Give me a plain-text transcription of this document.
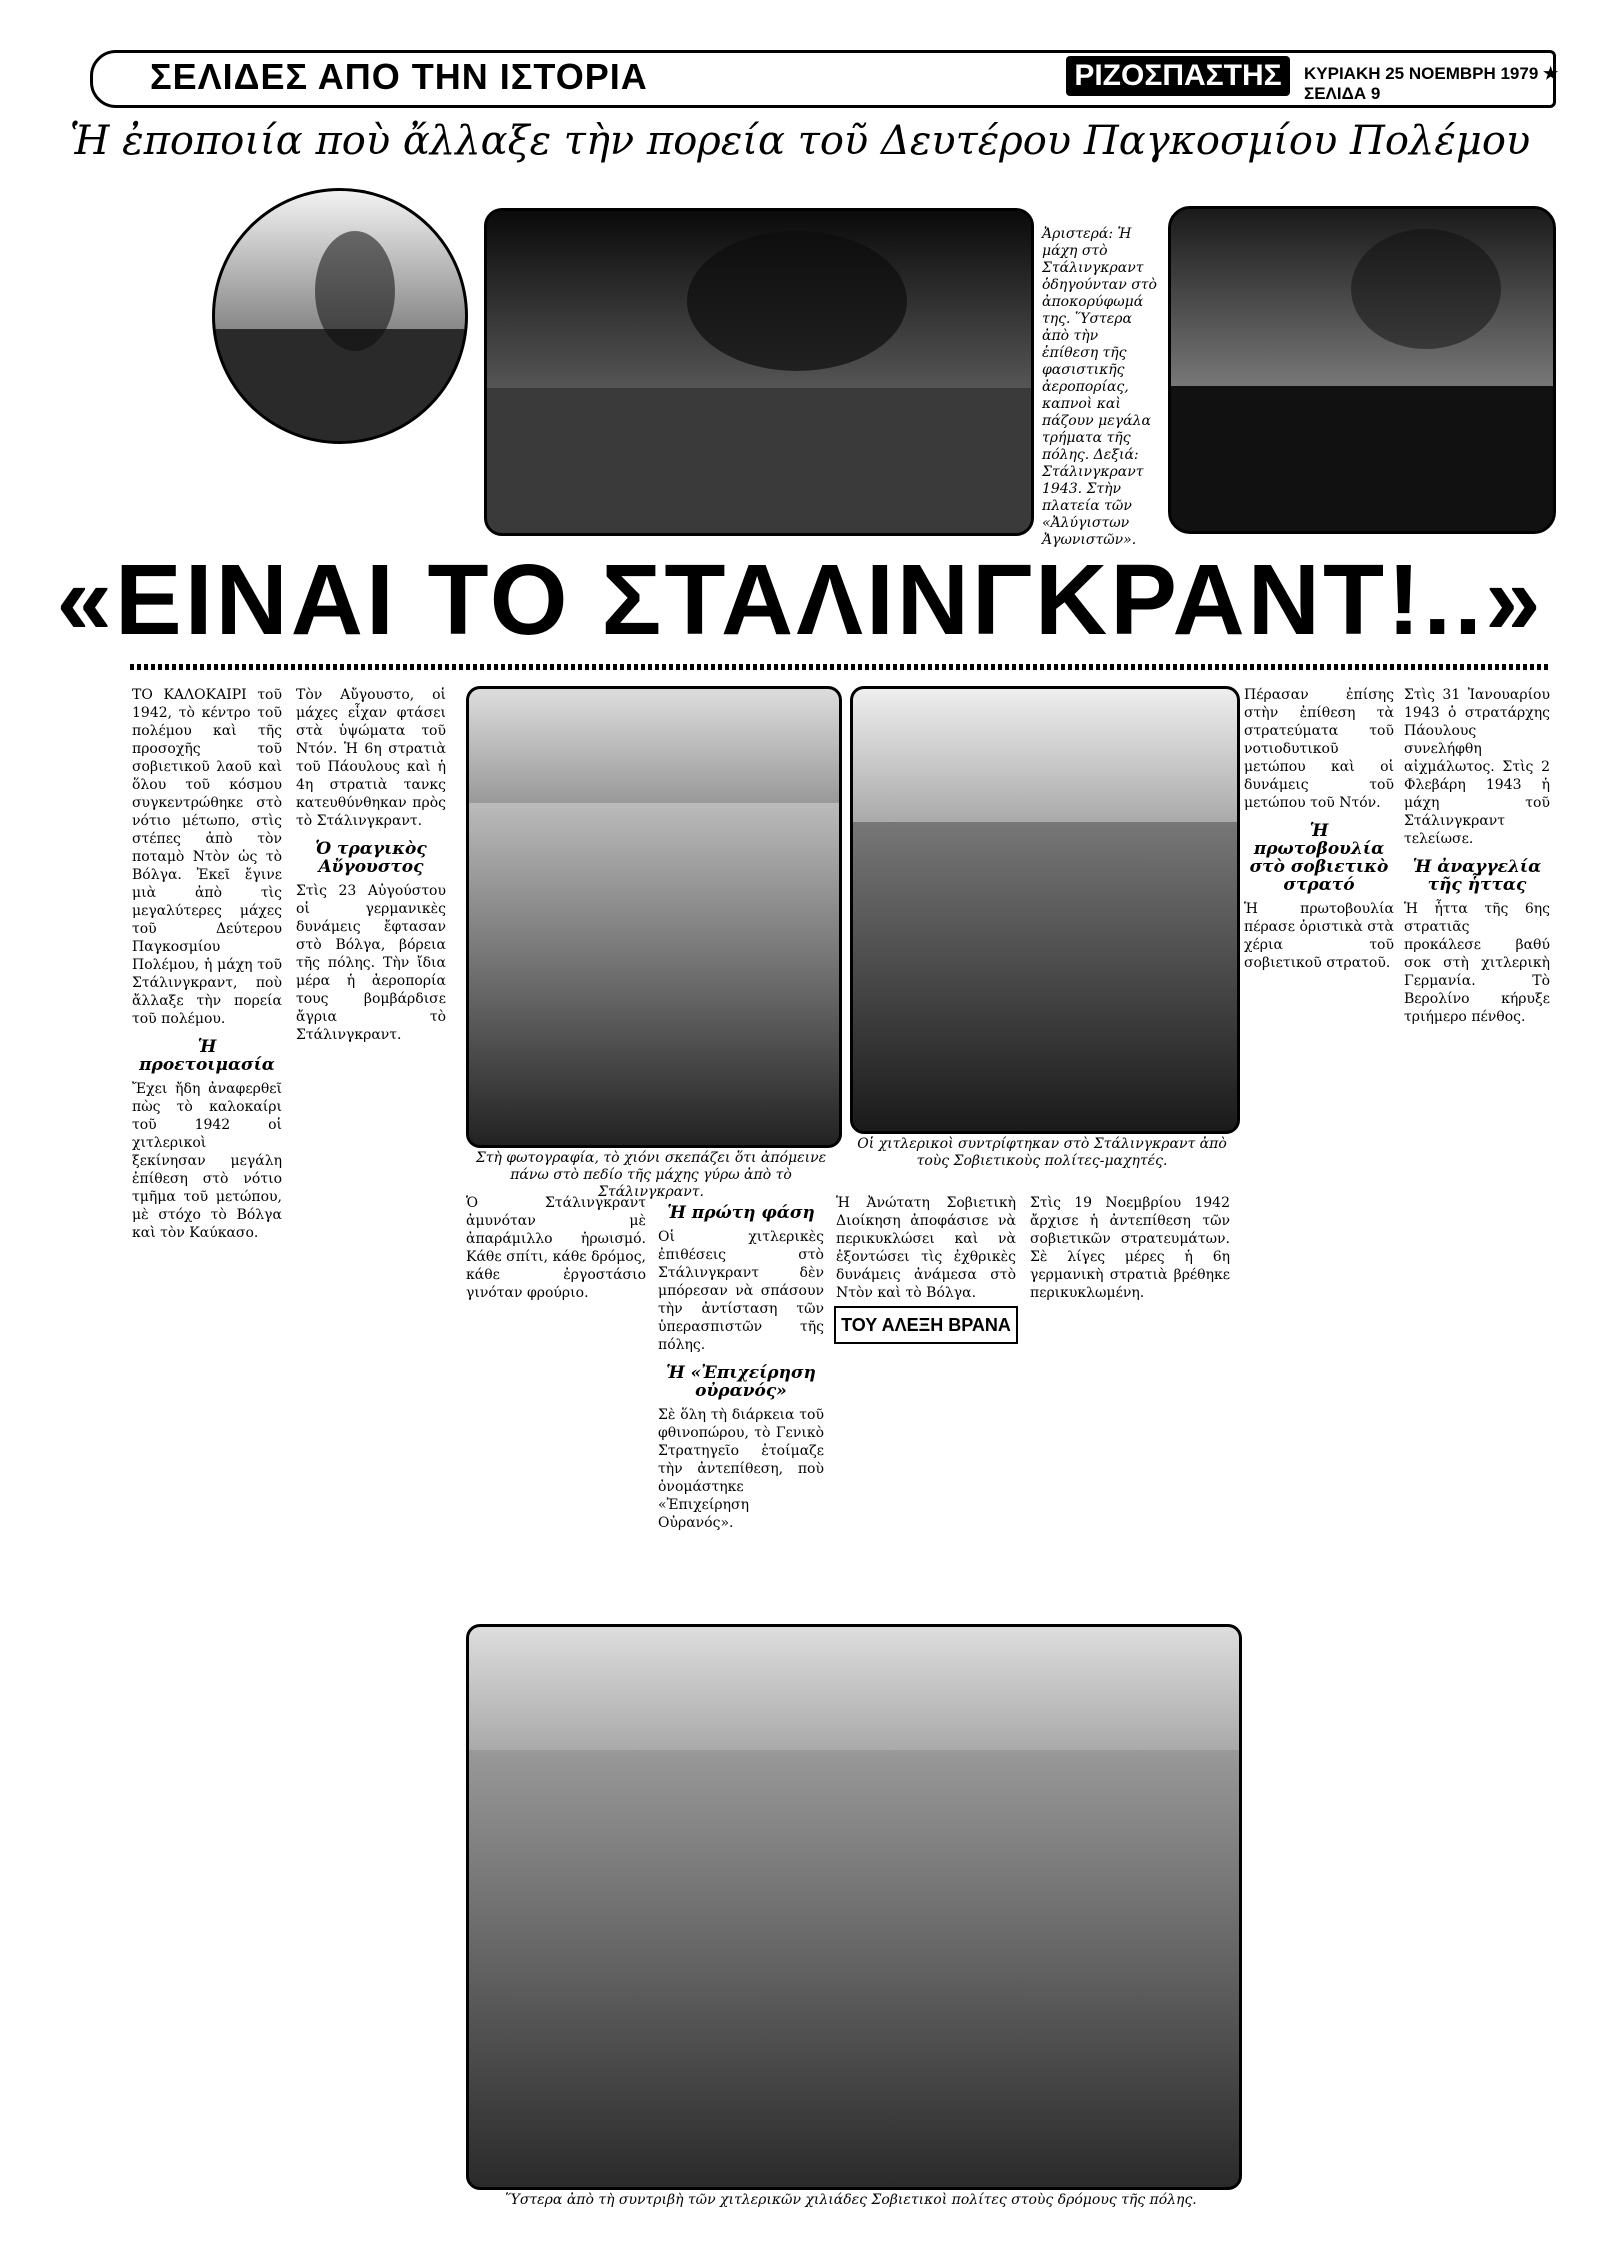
ΣΕΛΙΔΕΣ ΑΠΟ ΤΗΝ ΙΣΤΟΡΙΑ	ΡΙΖΟΣΠΑΣΤΗΣ	ΚΥΡΙΑΚΗ 25 ΝΟΕΜΒΡΗ 1979 ★ ΣΕΛΙΔΑ 9
Ἡ ἐποποιία ποὺ ἄλλαξε τὴν πορεία τοῦ Δευτέρου Παγκοσμίου Πολέμου
Ἀριστερά: Ἡ μάχη στὸ Στάλινγκραντ ὁδηγούνταν στὸ ἀποκορύφωμά της. Ὕστερα ἀπὸ τὴν ἐπίθεση τῆς φασιστικῆς ἀεροπορίας, καπνοὶ καὶ πάζουν μεγάλα τρήματα τῆς πόλης. Δεξιά: Στάλινγκραντ 1943. Στὴν πλατεία τῶν «Ἀλύγιστων Ἀγωνιστῶν».
«ΕΙΝΑΙ ΤΟ ΣΤΑΛΙΝΓΚΡΑΝΤ!..»

ΤΟ ΚΑΛΟΚΑΙΡΙ τοῦ 1942, τὸ κέντρο τοῦ πολέμου καὶ τῆς προσοχῆς τοῦ σοβιετικοῦ λαοῦ καὶ ὅλου τοῦ κόσμου συγκεντρώθηκε στὸ νότιο μέτωπο, στὶς στέπες ἀπὸ τὸν ποταμὸ Ντὸν ὡς τὸ Βόλγα. Ἐκεῖ ἔγινε μιὰ ἀπὸ τὶς μεγαλύτερες μάχες τοῦ Δεύτερου Παγκοσμίου Πολέμου, ἡ μάχη τοῦ Στάλινγκραντ, ποὺ ἄλλαξε τὴν πορεία τοῦ πολέμου.

Ἡ προετοιμασία

Ἔχει ἤδη ἀναφερθεῖ πὼς τὸ καλοκαίρι τοῦ 1942 οἱ χιτλερικοὶ ξεκίνησαν μεγάλη ἐπίθεση στὸ νότιο τμῆμα τοῦ μετώπου, μὲ στόχο τὸ Βόλγα καὶ τὸν Καύκασο.

Τὸν Αὔγουστο, οἱ μάχες εἶχαν φτάσει στὰ ὑψώματα τοῦ Ντόν. Ἡ 6η στρατιὰ τοῦ Πάουλους καὶ ἡ 4η στρατιὰ τανκς κατευθύνθηκαν πρὸς τὸ Στάλινγκραντ.

Ὁ τραγικὸς Αὔγουστος

Στὶς 23 Αὐγούστου οἱ γερμανικὲς δυνάμεις ἔφτασαν στὸ Βόλγα, βόρεια τῆς πόλης. Τὴν ἴδια μέρα ἡ ἀεροπορία τους βομβάρδισε ἄγρια τὸ Στάλινγκραντ.

Στὴ φωτογραφία, τὸ χιόνι σκεπάζει ὅτι ἀπόμεινε πάνω στὸ πεδίο τῆς μάχης γύρω ἀπὸ τὸ Στάλινγκραντ.
Οἱ χιτλερικοὶ συντρίφτηκαν στὸ Στάλινγκραντ ἀπὸ τοὺς Σοβιετικοὺς πολίτες-μαχητές.

Ὁ Στάλινγκραντ ἀμυνόταν μὲ ἀπαράμιλλο ἡρωισμό. Κάθε σπίτι, κάθε δρόμος, κάθε ἐργοστάσιο γινόταν φρούριο.

Ἡ πρώτη φάση

Οἱ χιτλερικὲς ἐπιθέσεις στὸ Στάλινγκραντ δὲν μπόρεσαν νὰ σπάσουν τὴν ἀντίσταση τῶν ὑπερασπιστῶν τῆς πόλης.

Ἡ «Ἐπιχείρηση οὐρανός»

Σὲ ὅλη τὴ διάρκεια τοῦ φθινοπώρου, τὸ Γενικὸ Στρατηγεῖο ἑτοίμαζε τὴν ἀντεπίθεση, ποὺ ὀνομάστηκε «Ἐπιχείρηση Οὐρανός».

Ἡ Ἀνώτατη Σοβιετικὴ Διοίκηση ἀποφάσισε νὰ περικυκλώσει καὶ νὰ ἐξοντώσει τὶς ἐχθρικὲς δυνάμεις ἀνάμεσα στὸ Ντὸν καὶ τὸ Βόλγα.

ΤΟΥ ΑΛΕΞΗ ΒΡΑΝΑ

Στὶς 19 Νοεμβρίου 1942 ἄρχισε ἡ ἀντεπίθεση τῶν σοβιετικῶν στρατευμάτων. Σὲ λίγες μέρες ἡ 6η γερμανικὴ στρατιὰ βρέθηκε περικυκλωμένη.

Ὕστερα ἀπὸ τὴ συντριβὴ τῶν χιτλερικῶν χιλιάδες Σοβιετικοὶ πολίτες στοὺς δρόμους τῆς πόλης.

Πέρασαν ἐπίσης στὴν ἐπίθεση τὰ στρατεύματα τοῦ νοτιοδυτικοῦ μετώπου καὶ οἱ δυνάμεις τοῦ μετώπου τοῦ Ντόν.

Ἡ πρωτοβουλία στὸ σοβιετικὸ στρατό

Ἡ πρωτοβουλία πέρασε ὁριστικὰ στὰ χέρια τοῦ σοβιετικοῦ στρατοῦ.

Στὶς 31 Ἰανουαρίου 1943 ὁ στρατάρχης Πάουλους συνελήφθη αἰχμάλωτος. Στὶς 2 Φλεβάρη 1943 ἡ μάχη τοῦ Στάλινγκραντ τελείωσε.

Ἡ ἀναγγελία τῆς ἧττας

Ἡ ἧττα τῆς 6ης στρατιᾶς προκάλεσε βαθύ σοκ στὴ χιτλερικὴ Γερμανία. Τὸ Βερολίνο κήρυξε τριήμερο πένθος.
